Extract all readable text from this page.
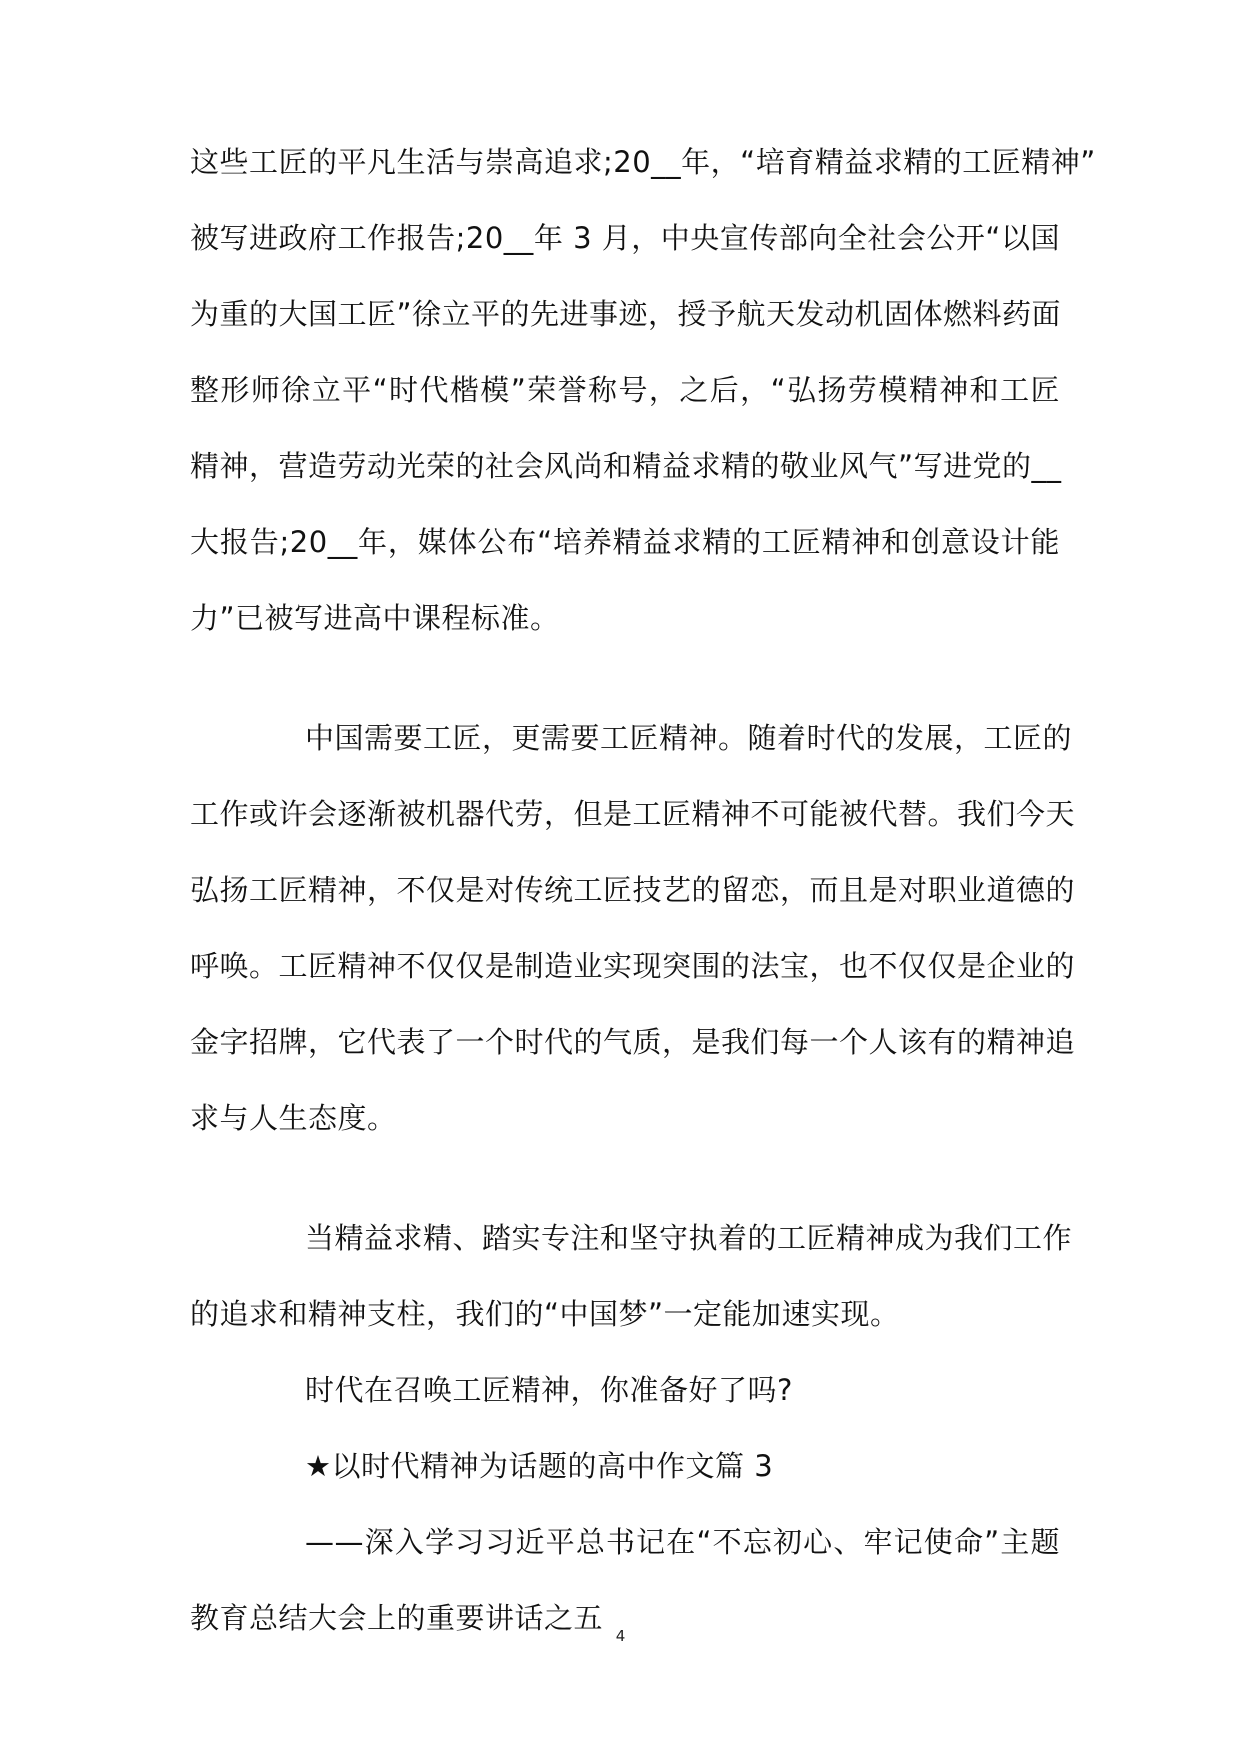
这些工匠的平凡生活与崇高追求;20__年，“培育精益求精的工匠精神”
被写进政府工作报告;20__年 3 月，中央宣传部向全社会公开“以国
为重的大国工匠”徐立平的先进事迹，授予航天发动机固体燃料药面
整形师徐立平“时代楷模”荣誉称号，之后，“弘扬劳模精神和工匠
精神，营造劳动光荣的社会风尚和精益求精的敬业风气”写进党的__
大报告;20__年，媒体公布“培养精益求精的工匠精神和创意设计能
力”已被写进高中课程标准。
中国需要工匠，更需要工匠精神。随着时代的发展，工匠的
工作或许会逐渐被机器代劳，但是工匠精神不可能被代替。我们今天
弘扬工匠精神，不仅是对传统工匠技艺的留恋，而且是对职业道德的
呼唤。工匠精神不仅仅是制造业实现突围的法宝，也不仅仅是企业的
金字招牌，它代表了一个时代的气质，是我们每一个人该有的精神追
求与人生态度。
当精益求精、踏实专注和坚守执着的工匠精神成为我们工作
的追求和精神支柱，我们的“中国梦”一定能加速实现。
时代在召唤工匠精神，你准备好了吗?
★以时代精神为话题的高中作文篇 3
——深入学习习近平总书记在“不忘初心、牢记使命”主题
教育总结大会上的重要讲话之五
4
